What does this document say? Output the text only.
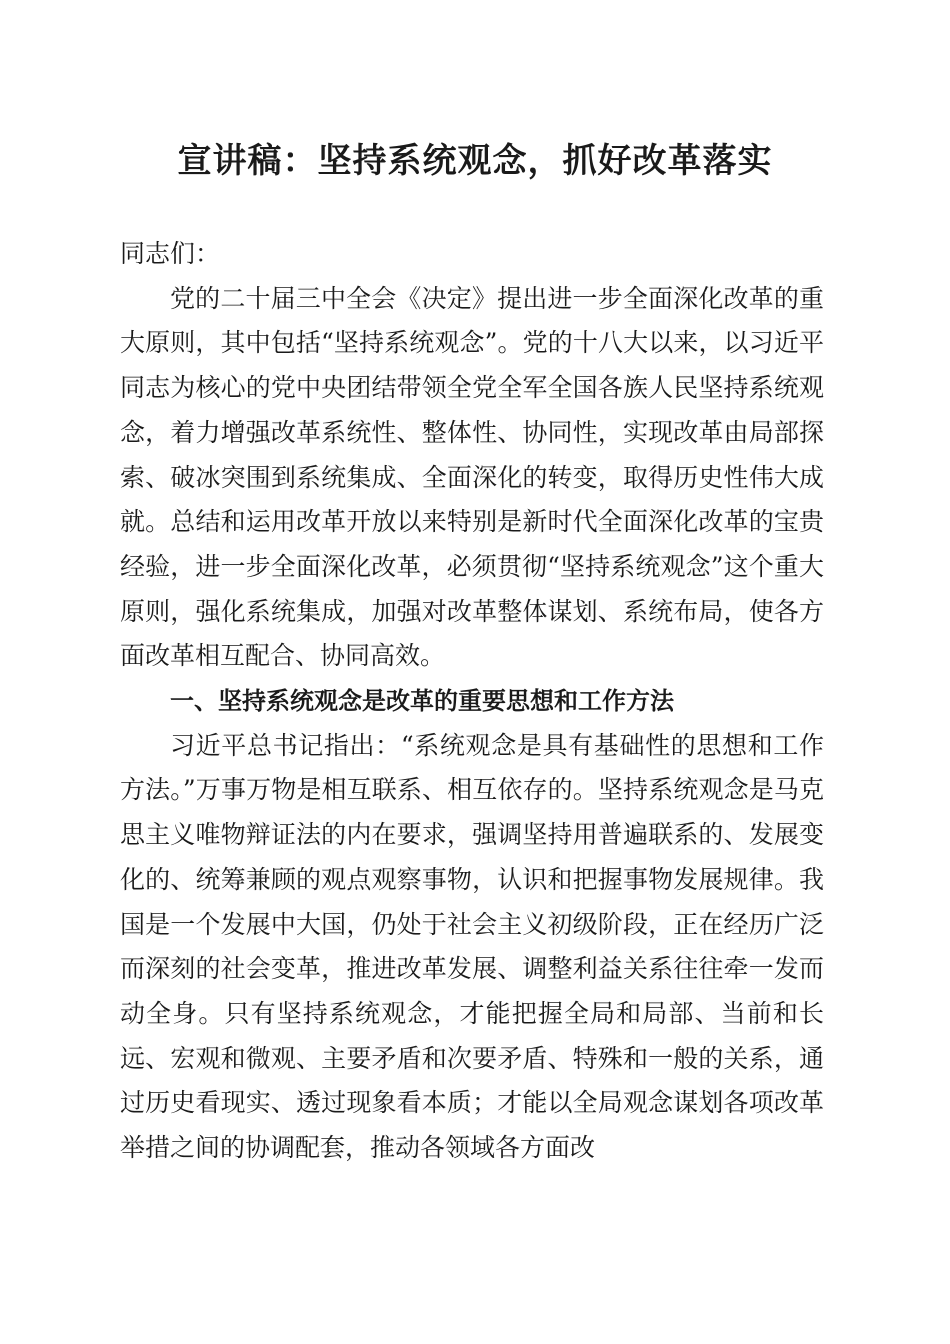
宣讲稿：坚持系统观念，抓好改革落实

同志们：

党的二十届三中全会《决定》提出进一步全面深化改革的重大原则，其中包括“坚持系统观念”。党的十八大以来，以习近平同志为核心的党中央团结带领全党全军全国各族人民坚持系统观念，着力增强改革系统性、整体性、协同性，实现改革由局部探索、破冰突围到系统集成、全面深化的转变，取得历史性伟大成就。总结和运用改革开放以来特别是新时代全面深化改革的宝贵经验，进一步全面深化改革，必须贯彻“坚持系统观念”这个重大原则，强化系统集成，加强对改革整体谋划、系统布局，使各方面改革相互配合、协同高效。

一、坚持系统观念是改革的重要思想和工作方法

习近平总书记指出：“系统观念是具有基础性的思想和工作方法。”万事万物是相互联系、相互依存的。坚持系统观念是马克思主义唯物辩证法的内在要求，强调坚持用普遍联系的、发展变化的、统筹兼顾的观点观察事物，认识和把握事物发展规律。我国是一个发展中大国，仍处于社会主义初级阶段，正在经历广泛而深刻的社会变革，推进改革发展、调整利益关系往往牵一发而动全身。只有坚持系统观念，才能把握全局和局部、当前和长远、宏观和微观、主要矛盾和次要矛盾、特殊和一般的关系，通过历史看现实、透过现象看本质；才能以全局观念谋划各项改革举措之间的协调配套，推动各领域各方面改
